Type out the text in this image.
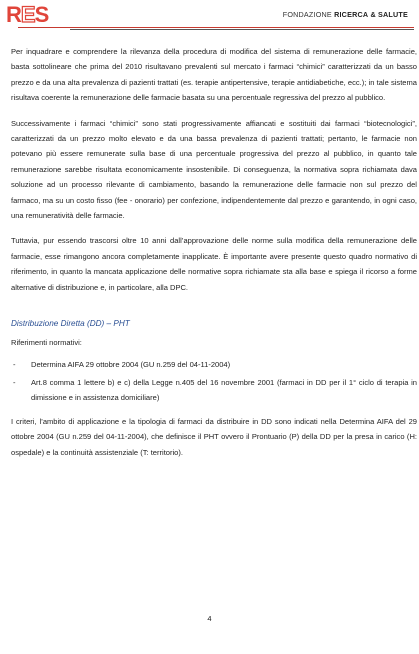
RES	FONDAZIONE RICERCA & SALUTE

Per inquadrare e comprendere la rilevanza della procedura di modifica del sistema di remunerazione delle farmacie, basta sottolineare che prima del 2010 risultavano prevalenti sul mercato i farmaci “chimici” caratterizzati da un basso prezzo e da una alta prevalenza di pazienti trattati (es. terapie antipertensive, terapie antidiabetiche, ecc.); in tale sistema risultava coerente la remunerazione delle farmacie basata su una percentuale regressiva del prezzo al pubblico.

Successivamente i farmaci “chimici” sono stati progressivamente affiancati e sostituiti dai farmaci “biotecnologici”, caratterizzati da un prezzo molto elevato e da una bassa prevalenza di pazienti trattati; pertanto, le farmacie non potevano più essere remunerate sulla base di una percentuale progressiva del prezzo al pubblico, in quanto tale remunerazione sarebbe risultata economicamente insostenibile. Di conseguenza, la normativa sopra richiamata dava soluzione ad un processo rilevante di cambiamento, basando la remunerazione delle farmacie non sul prezzo del farmaco, ma su un costo fisso (fee - onorario) per confezione, indipendentemente dal prezzo e garantendo, in ogni caso, una remuneratività delle farmacie.

Tuttavia, pur essendo trascorsi oltre 10 anni dall’approvazione delle norme sulla modifica della remunerazione delle farmacie, esse rimangono ancora completamente inapplicate. È importante avere presente questo quadro normativo di riferimento, in quanto la mancata applicazione delle normative sopra richiamate sta alla base e spiega il ricorso a forme alternative di distribuzione e, in particolare, alla DPC.

Distribuzione Diretta (DD) – PHT
Riferimenti normativi:
- Determina AIFA 29 ottobre 2004 (GU n.259 del 04-11-2004)
- Art.8 comma 1 lettere b) e c) della Legge n.405 del 16 novembre 2001 (farmaci in DD per il 1° ciclo di terapia in dimissione e in assistenza domiciliare)

I criteri, l’ambito di applicazione e la tipologia di farmaci da distribuire in DD sono indicati nella Determina AIFA del 29 ottobre 2004 (GU n.259 del 04-11-2004), che definisce il PHT ovvero il Prontuario (P) della DD per la presa in carico (H: ospedale) e la continuità assistenziale (T: territorio).

4
